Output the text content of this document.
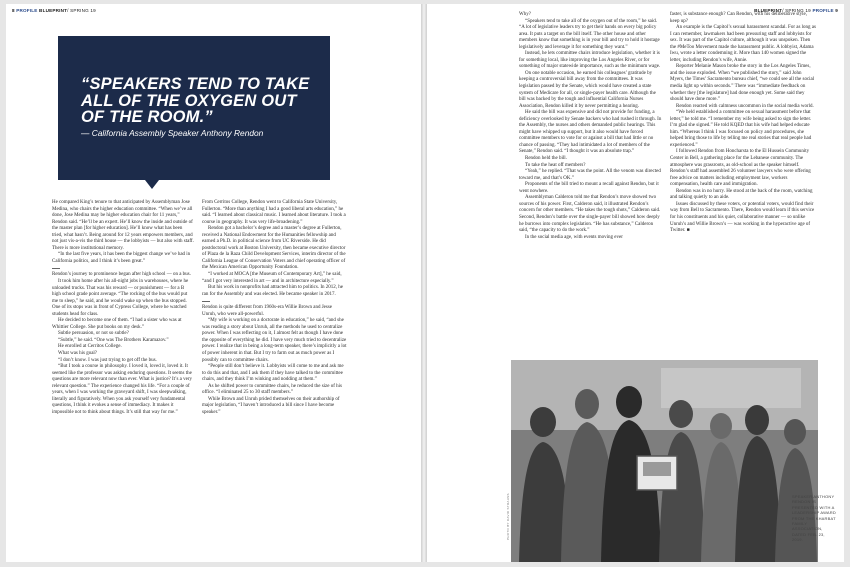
8 PROFILE BLUEPRINT/ SPRING 19	BLUEPRINT/ SPRING 19 PROFILE 9

“SPEAKERS TEND TO TAKE ALL OF THE OXYGEN OUT OF THE ROOM.”

— California Assembly Speaker Anthony Rendon

He compared King’s tenure to that anticipated by Assemblyman Jose Medina, who chairs the higher education committee. “When we’ve all done, Jose Medina may be higher education chair for 11 years,” Rendon said. “He’ll be an expert. He’ll know the inside and outside of the master plan [for higher education]. He’ll know what has been tried, what hasn’t. Being around for 12 years empowers members, and not just vis-a-vis the third house — the lobbyists — but also with staff. There is more institutional memory.

“In the last five years, it has been the biggest change we’ve had in California politics, and I think it’s been great.”

Rendon’s journey to prominence began after high school — on a bus.

It took him home after his all-night jobs in warehouses, where he unloaded trucks. That was his reward — or punishment — for a B high school grade point average. “The rocking of the bus would put me to sleep,” he said, and he would wake up when the bus stopped. One of its stops was in front of Cypress College, where he watched students head for class.

He decided to become one of them. “I had a sister who was at Whittier College. She put books on my desk.”

Subtle persuasion, or not so subtle?

“Subtle,” he said. “One was The Brothers Karamazov.”

He enrolled at Cerritos College.

What was his goal?

“I don’t know. I was just trying to get off the bus.

“But I took a course in philosophy. I loved it, loved it, loved it. It seemed like the professor was asking enduring questions. It seems the questions are more relevant now than ever. What is justice? It’s a very relevant question.” The experience changed his life. “For a couple of years, when I was working the graveyard shift, I was sleepwalking, literally and figuratively. When you ask yourself very fundamental questions, I think it evokes a sense of immediacy. It makes it impossible not to think about things. It’s still that way for me.”

From Cerritos College, Rendon went to California State University, Fullerton. “More than anything I had a good liberal arts education,” he said. “I learned about classical music. I learned about literature. I took a course in geography. It was very life-broadening.”

Rendon got a bachelor’s degree and a master’s degree at Fullerton, received a National Endowment for the Humanities fellowship and earned a Ph.D. in political science from UC Riverside. He did postdoctoral work at Boston University, then became executive director of Plaza de la Raza Child Development Services, interim director of the California League of Conservation Voters and chief operating officer of the Mexican American Opportunity Foundation.

“I worked at MOCA [the Museum of Contemporary Art],” he said, “and I got very interested in art — and in architecture especially.”

But his work in nonprofits had attracted him to politics. In 2012, he ran for the Assembly and was elected. He became speaker in 2017.

Rendon is quite different from 1960s-era Willie Brown and Jesse Unruh, who were all-powerful.

“My wife is working on a doctorate in education,” he said, “and she was reading a story about Unruh, all the methods he used to centralize power. When I was reflecting on it, I almost felt as though I have done the opposite of everything he did. I have very much tried to decentralize power. I realize that in being a long-term speaker, there’s implicitly a lot of power inherent in that. But I try to farm out as much power as I possibly can to committee chairs.

“People still don’t believe it. Lobbyists will come to me and ask me to do this and that, and I ask them if they have talked to the committee chairs, and they think I’m winking and nodding at them.”

As he shifted power to committee chairs, he reduced the size of his office. “I eliminated 25 to 30 staff members.”

While Brown and Unruh prided themselves on their authorship of major legislation, “I haven’t introduced a bill since I have become speaker.”

Why?

“Speakers tend to take all of the oxygen out of the room,” he said. “A lot of legislative leaders try to get their hands on every big policy area. It puts a target on the bill itself. The other house and other members know that something is in your bill and try to hold it hostage legislatively and leverage it for something they want.”

Instead, he lets committee chairs introduce legislation, whether it is for something local, like improving the Los Angeles River, or for something of major statewide importance, such as the minimum wage.

On one notable occasion, he earned his colleagues’ gratitude by keeping a controversial bill away from the committees. It was legislation passed by the Senate, which would have created a state system of Medicare for all, or single-payer health care. Although the bill was backed by the tough and influential California Nurses Association, Rendon killed it by never permitting a hearing.

He said the bill was expensive and did not provide for funding, a deficiency overlooked by Senate backers who had rushed it through. In the Assembly, the nurses and others demanded public hearings. This might have whipped up support, but it also would have forced committee members to vote for or against a bill that had little or no chance of passing. “They had intimidated a lot of members of the Senate,” Rendon said. “I thought it was an absolute trap.”

Rendon held the bill.

To take the heat off members?

“Yeah,” he replied. “That was the point. All the venom was directed toward me, and that’s OK.”

Proponents of the bill tried to mount a recall against Rendon, but it went nowhere.

Assemblyman Calderon told me that Rendon’s move showed two sources of his power. First, Calderon said, it illustrated Rendon’s concern for other members. “He takes the tough shots,” Calderon said. Second, Rendon’s battle over the single-payer bill showed how deeply he burrows into complex legislation. “He has substance,” Calderon said, “the capacity to do the work.”

In the social media age, with events moving ever

faster, is substance enough? Can Rendon, with his deliberative style, keep up?

An example is the Capitol’s sexual harassment scandal. For as long as I can remember, lawmakers had been pressuring staff and lobbyists for sex. It was part of the Capitol culture, although it was unspoken. Then the #MeToo Movement made the harassment public. A lobbyist, Adama Iwu, wrote a letter condemning it. More than 140 women signed the letter, including Rendon’s wife, Annie.

Reporter Melanie Mason broke the story in the Los Angeles Times, and the issue exploded. When “we published the story,” said John Myers, the Times’ Sacramento bureau chief, “we could see all the social media light up within seconds.” There was “immediate feedback on whether they [the legislature] had done enough yet. Some said they should have done more.”

Rendon reacted with calmness uncommon in the social media world.

“We held established a committee on sexual harassment before that letter,” he told me. “I remember my wife being asked to sign the letter. I’m glad she signed.” He told KQED that his wife had helped educate him. “Whereas I think I was focused on policy and procedures, she helped bring those to life by telling me real stories that real people had experienced.”

I followed Rendon from Honcharsta to the El Hussein Community Center in Bell, a gathering place for the Lebanese community. The atmosphere was grassroots, as old-school as the speaker himself. Rendon’s staff had assembled 26 volunteer lawyers who were offering free advice on matters including employment law, workers compensation, health care and immigration.

Rendon was in no hurry. He stood at the back of the room, watching and talking quietly to an aide.

Issues discussed by these voters, or potential voters, would find their way from Bell to Sacramento. There, Rendon would learn if this service for his constituents and his quiet, collaborative manner — so unlike Unruh’s and Willie Brown’s — was working in the hyperactive age of Twitter. ■

PHOTO BY DAVID STRAUSS	SPEAKER ANTHONY RENDON IS PRESENTED WITH A LEADERSHIP AWARD FROM THE KHARBAT FAMILY ASSOCIATION, DATED FEB. 23, 2019.
